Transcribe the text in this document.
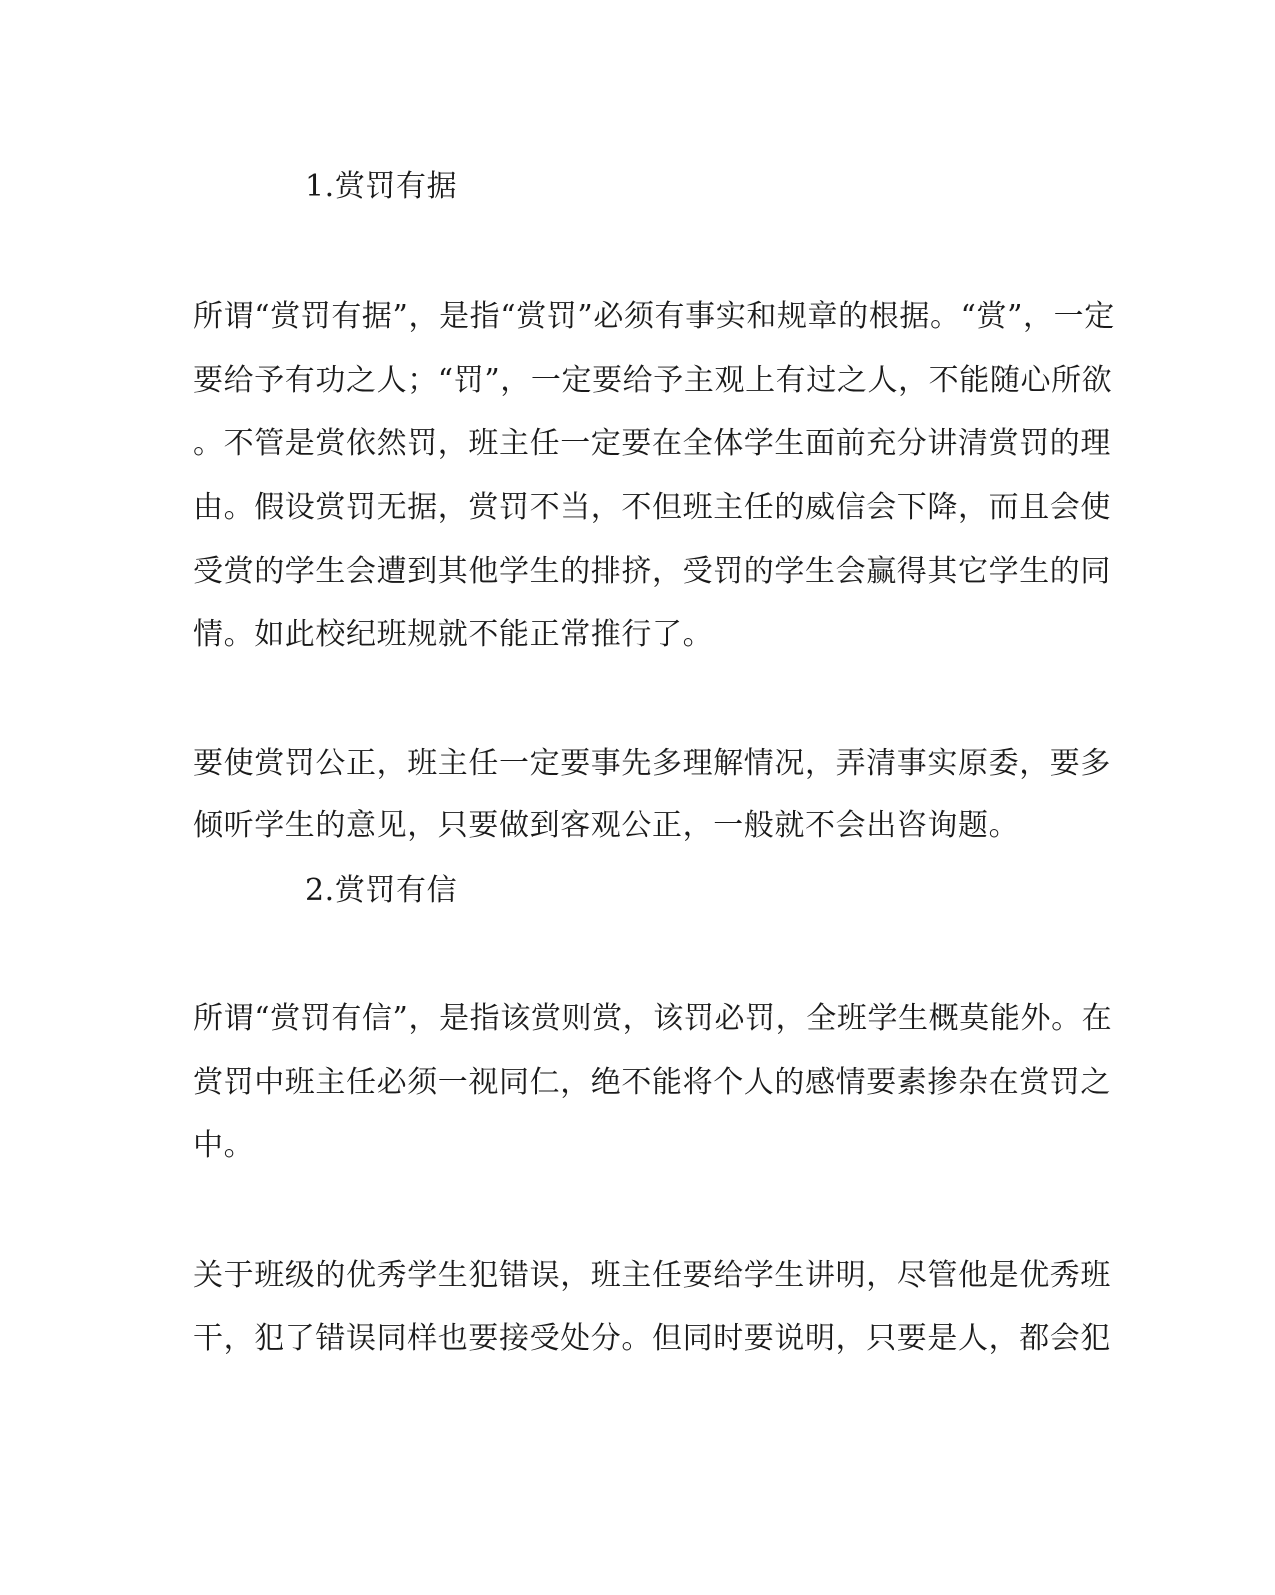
1.赏罚有据
所谓“赏罚有据”，是指“赏罚”必须有事实和规章的根据。“赏”，一定
要给予有功之人；“罚”，一定要给予主观上有过之人，不能随心所欲
。不管是赏依然罚，班主任一定要在全体学生面前充分讲清赏罚的理
由。假设赏罚无据，赏罚不当，不但班主任的威信会下降，而且会使
受赏的学生会遭到其他学生的排挤，受罚的学生会赢得其它学生的同
情。如此校纪班规就不能正常推行了。
要使赏罚公正，班主任一定要事先多理解情况，弄清事实原委，要多
倾听学生的意见，只要做到客观公正，一般就不会出咨询题。
2.赏罚有信
所谓“赏罚有信”，是指该赏则赏，该罚必罚，全班学生概莫能外。在
赏罚中班主任必须一视同仁，绝不能将个人的感情要素掺杂在赏罚之
中。
关于班级的优秀学生犯错误，班主任要给学生讲明，尽管他是优秀班
干，犯了错误同样也要接受处分。但同时要说明，只要是人，都会犯
